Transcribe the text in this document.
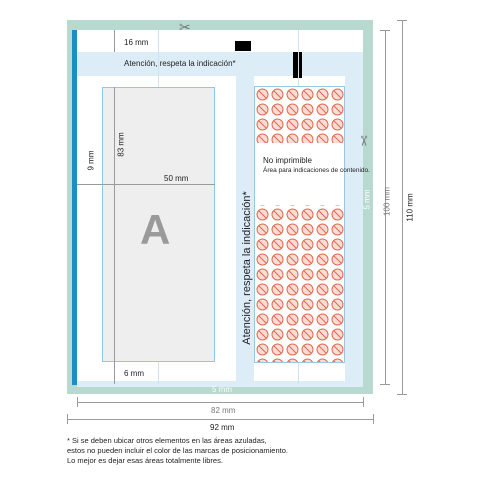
A
16 mm
Atención, respeta la indicación*
9 mm
83 mm
50 mm
6 mm
5 mm
5 mm
Atención, respeta la indicación*
No imprimible
Área para indicaciones de contenido.
✂
✂
100 mm 110 mm
82 mm
92 mm
* Si se deben ubicar otros elementos en las áreas azuladas,
estos no pueden incluir el color de las marcas de posicionamiento.
Lo mejor es dejar esas áreas totalmente libres.
